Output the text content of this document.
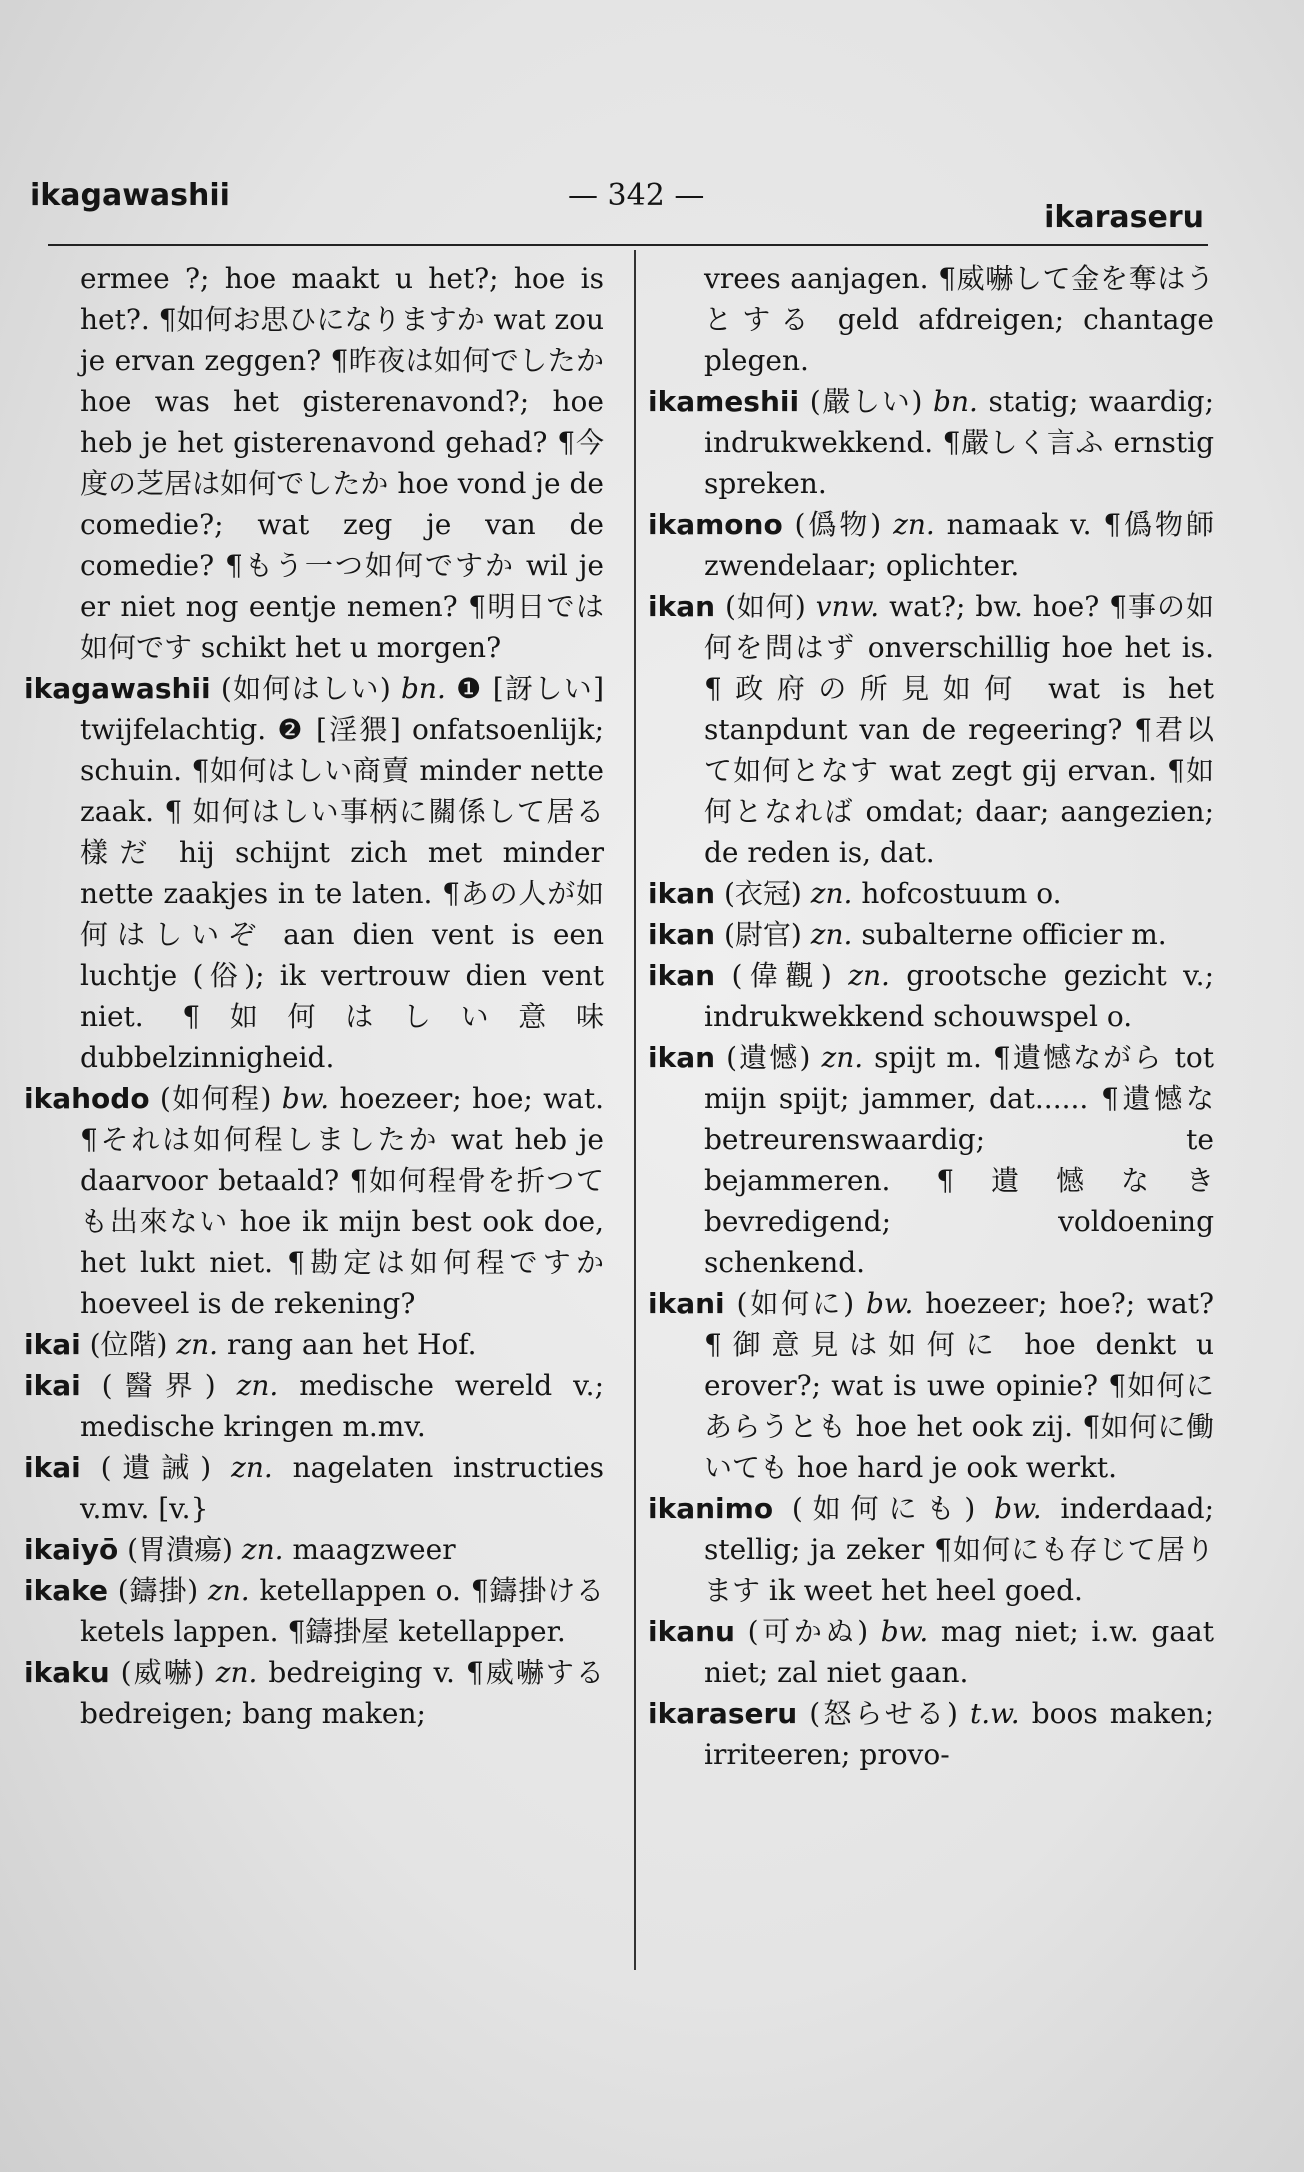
ikagawashii	— 342 —
ikaraseru
ermee ?; hoe maakt u het?; hoe is het?. ¶如何お思ひになりますか wat zou je ervan zeggen? ¶昨夜は如何でしたか hoe was het gisterenavond?; hoe heb je het gisterenavond gehad? ¶今度の芝居は如何でしたか hoe vond je de comedie?; wat zeg je van de comedie? ¶もう一つ如何ですか wil je er niet nog eentje nemen? ¶明日では如何です schikt het u morgen?
ikagawashii (如何はしい) bn. ❶ [訝しい] twijfelachtig. ❷ [淫猥] onfatsoenlijk; schuin. ¶如何はしい商賣 minder nette zaak. ¶ 如何はしい事柄に關係して居る樣だ hij schijnt zich met minder nette zaakjes in te laten. ¶あの人が如何はしいぞ aan dien vent is een luchtje (俗); ik vertrouw dien vent niet. ¶如何はしい意味 dubbelzinnigheid.
ikahodo (如何程) bw. hoezeer; hoe; wat. ¶それは如何程しましたか wat heb je daarvoor betaald? ¶如何程骨を折つても出來ない hoe ik mijn best ook doe, het lukt niet. ¶勘定は如何程ですか hoeveel is de rekening?
ikai (位階) zn. rang aan het Hof.
ikai (醫界) zn. medische wereld v.; medische kringen m.mv.
ikai (遺誡) zn. nagelaten instructies v.mv. [v.}
ikaiyō (胃潰瘍) zn. maagzweer
ikake (鑄掛) zn. ketellappen o. ¶鑄掛ける ketels lappen. ¶鑄掛屋 ketellapper.
ikaku (威嚇) zn. bedreiging v. ¶威嚇する bedreigen; bang maken;
vrees aanjagen. ¶威嚇して金を奪はうとする geld afdreigen; chantage plegen.
ikameshii (嚴しい) bn. statig; waardig; indrukwekkend. ¶嚴しく言ふ ernstig spreken.
ikamono (僞物) zn. namaak v. ¶僞物師 zwendelaar; oplichter.
ikan (如何) vnw. wat?; bw. hoe? ¶事の如何を問はず onverschillig hoe het is. ¶政府の所見如何 wat is het stanpdunt van de regeering? ¶君以て如何となす wat zegt gij ervan. ¶如何となれば omdat; daar; aangezien; de reden is, dat.
ikan (衣冠) zn. hofcostuum o.
ikan (尉官) zn. subalterne officier m.
ikan (偉觀) zn. grootsche gezicht v.; indrukwekkend schouwspel o.
ikan (遺憾) zn. spijt m. ¶遺憾ながら tot mijn spijt; jammer, dat...... ¶遺憾な betreurenswaardig; te bejammeren. ¶遺憾なき bevredigend; voldoening schenkend.
ikani (如何に) bw. hoezeer; hoe?; wat? ¶御意見は如何に hoe denkt u erover?; wat is uwe opinie? ¶如何にあらうとも hoe het ook zij. ¶如何に働いても hoe hard je ook werkt.
ikanimo (如何にも) bw. inderdaad; stellig; ja zeker ¶如何にも存じて居ります ik weet het heel goed.
ikanu (可かぬ) bw. mag niet; i.w. gaat niet; zal niet gaan.
ikaraseru (怒らせる) t.w. boos maken; irriteeren; provo-
